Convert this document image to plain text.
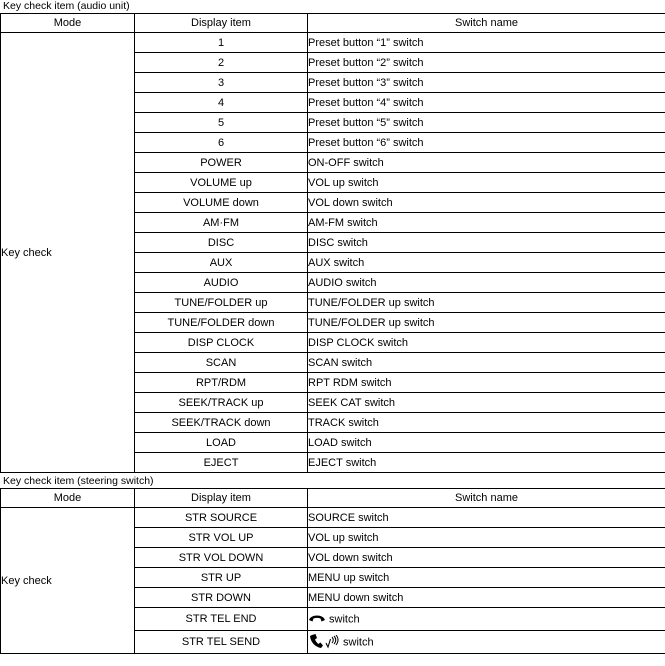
Key check item (audio unit)
Mode	Display item	Switch name
Key check	1	Preset button “1” switch
	2	Preset button “2” switch
	3	Preset button “3” switch
	4	Preset button “4” switch
	5	Preset button “5” switch
	6	Preset button “6” switch
	POWER	ON-OFF switch
	VOLUME up	VOL up switch
	VOLUME down	VOL down switch
	AM·FM	AM-FM switch
	DISC	DISC switch
	AUX	AUX switch
	AUDIO	AUDIO switch
	TUNE/FOLDER up	TUNE/FOLDER up switch
	TUNE/FOLDER down	TUNE/FOLDER up switch
	DISP CLOCK	DISP CLOCK switch
	SCAN	SCAN switch
	RPT/RDM	RPT RDM switch
	SEEK/TRACK up	SEEK CAT switch
	SEEK/TRACK down	TRACK switch
	LOAD	LOAD switch
	EJECT	EJECT switch
Key check item (steering switch)
Mode	Display item	Switch name
Key check	STR SOURCE	SOURCE switch
	STR VOL UP	VOL up switch
	STR VOL DOWN	VOL down switch
	STR UP	MENU up switch
	STR DOWN	MENU down switch
	STR TEL END	switch
	STR TEL SEND	switch
